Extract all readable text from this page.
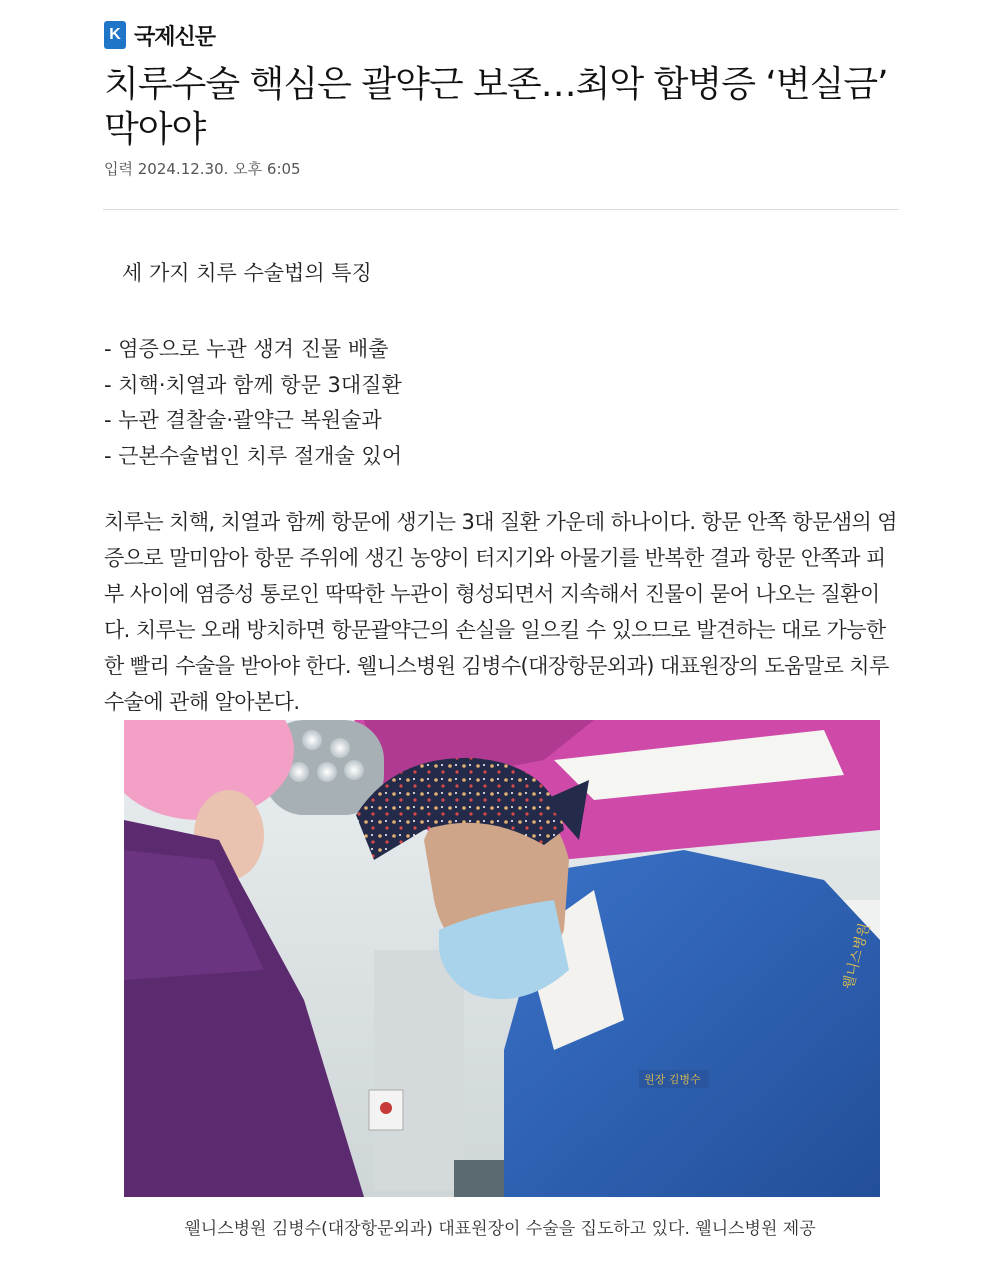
K 국제신문
치루수술 핵심은 괄약근 보존…최악 합병증 ‘변실금’ 막아야
입력 2024.12.30. 오후 6:05
세 가지 치루 수술법의 특징
- 염증으로 누관 생겨 진물 배출
- 치핵·치열과 함께 항문 3대질환
- 누관 결찰술·괄약근 복원술과
- 근본수술법인 치루 절개술 있어

치루는 치핵, 치열과 함께 항문에 생기는 3대 질환 가운데 하나이다. 항문 안쪽 항문샘의 염증으로 말미암아 항문 주위에 생긴 농양이 터지기와 아물기를 반복한 결과 항문 안쪽과 피부 사이에 염증성 통로인 딱딱한 누관이 형성되면서 지속해서 진물이 묻어 나오는 질환이다. 치루는 오래 방치하면 항문괄약근의 손실을 일으킬 수 있으므로 발견하는 대로 가능한 한 빨리 수술을 받아야 한다. 웰니스병원 김병수(대장항문외과) 대표원장의 도움말로 치루수술에 관해 알아본다.

원장 김병수
웰니스병원
웰니스병원 김병수(대장항문외과) 대표원장이 수술을 집도하고 있다. 웰니스병원 제공
